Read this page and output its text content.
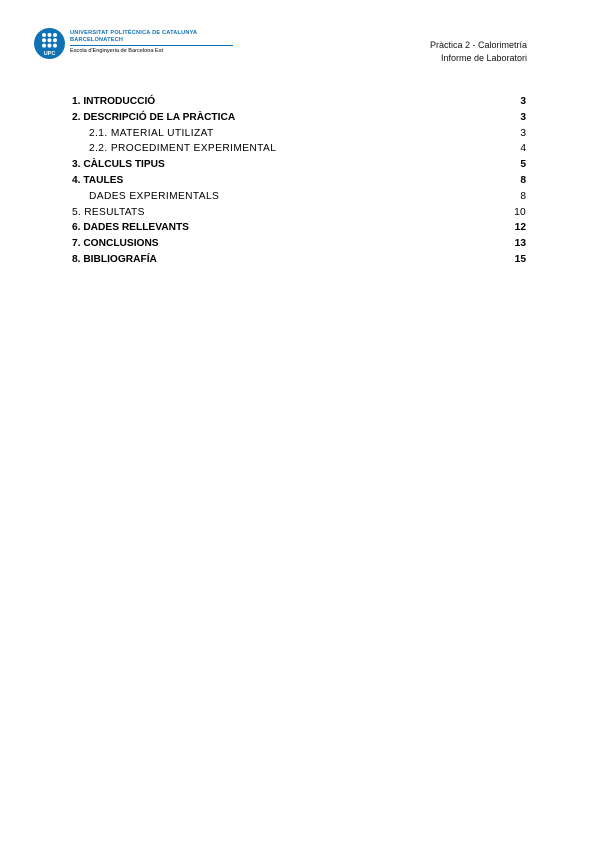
UPC
UNIVERSITAT POLITÈCNICA DE CATALUNYA
BARCELONATECH
Escola d'Enginyeria de Barcelona Est
Pràctica 2 - Calorimetría
Informe de Laboratori
1. INTRODUCCIÓ	3
2. DESCRIPCIÓ DE LA PRÀCTICA	3
2.1. MATERIAL UTILIZAT	3
2.2. PROCEDIMENT EXPERIMENTAL	4
3. CÀLCULS TIPUS	5
4. TAULES	8
DADES EXPERIMENTALS	8
5. RESULTATS	10
6. DADES RELLEVANTS	12
7. CONCLUSIONS	13
8. BIBLIOGRAFÍA	15
